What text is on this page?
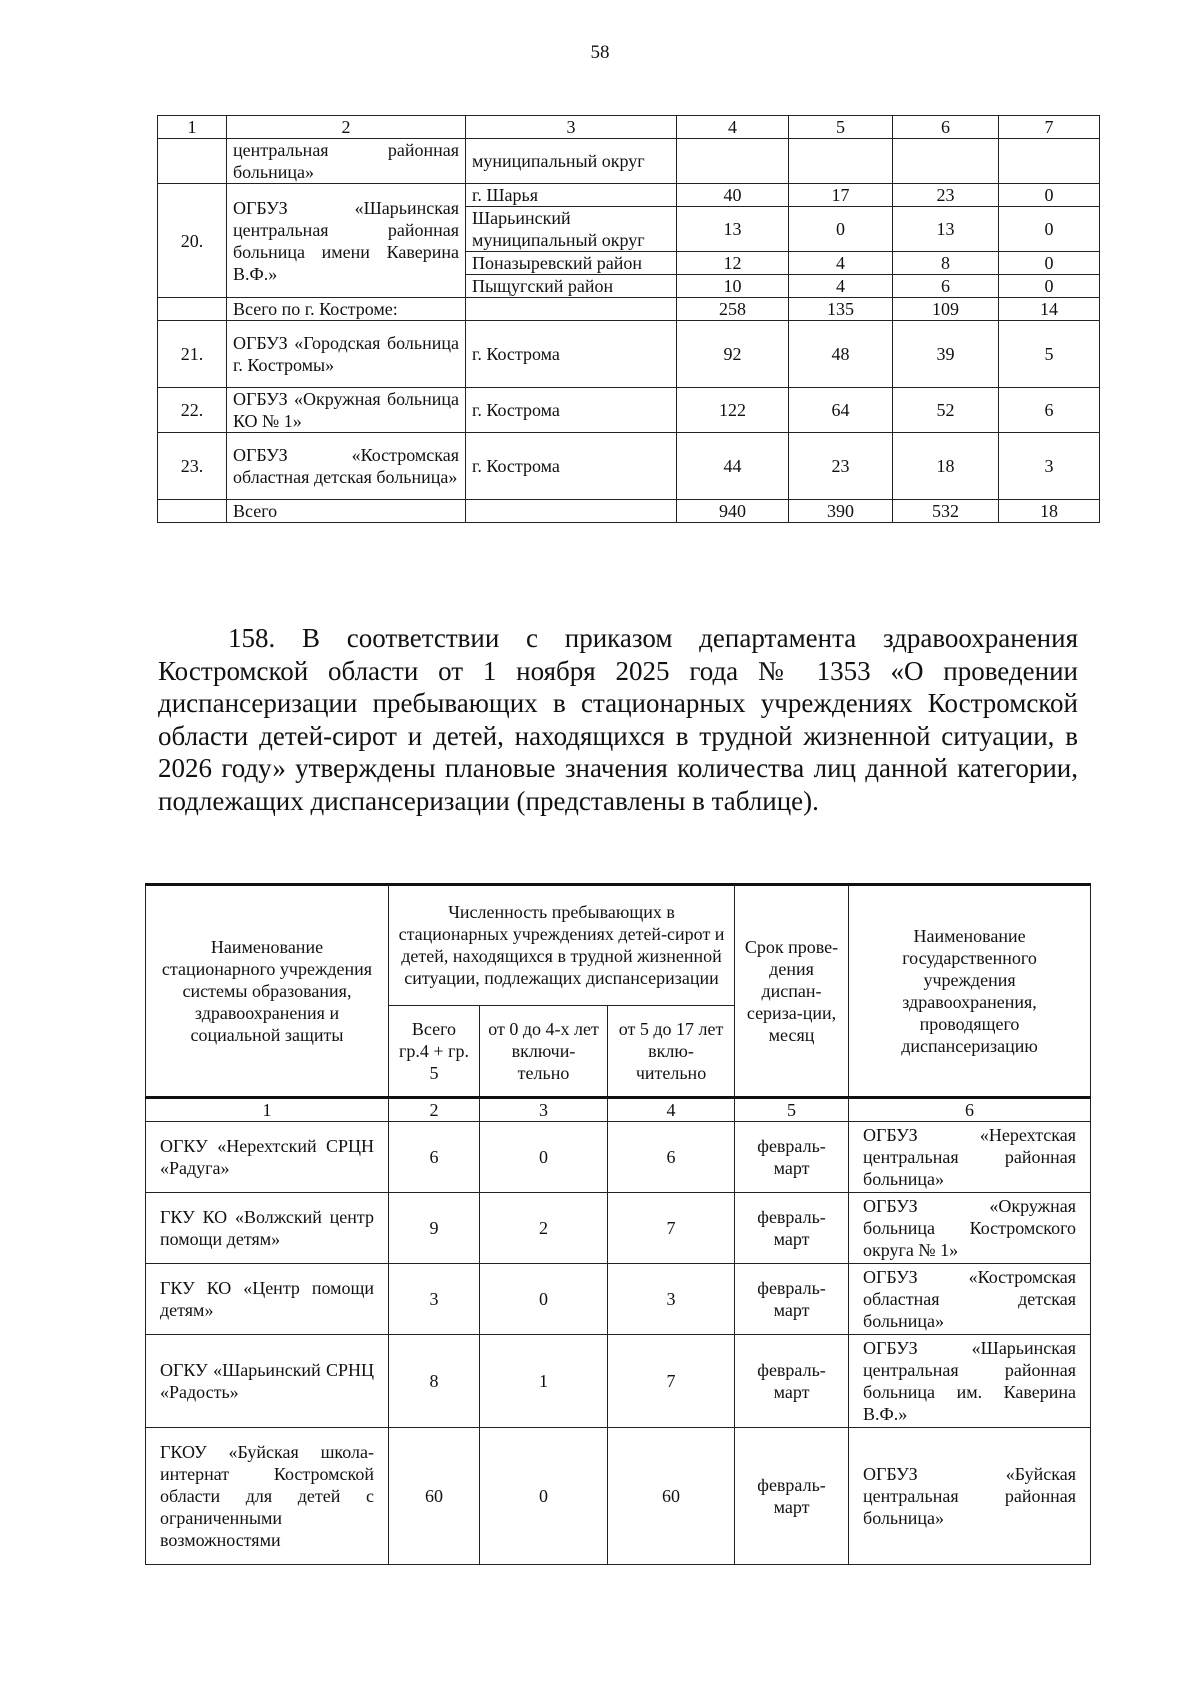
58
1	2	3	4	5	6	7
	центральная районная больница»	муниципальный округ				
20.	ОГБУЗ «Шарьинская центральная районная больница имени Каверина В.Ф.»	г. Шарья	40	17	23	0
		Шарьинский муниципальный округ	13	0	13	0
		Поназыревский район	12	4	8	0
		Пыщугский район	10	4	6	0
	Всего по г. Костроме:		258	135	109	14
21.	ОГБУЗ «Городская больница г. Костромы»	г. Кострома	92	48	39	5
22.	ОГБУЗ «Окружная больница КО № 1»	г. Кострома	122	64	52	6
23.	ОГБУЗ «Костромская областная детская больница»	г. Кострома	44	23	18	3
	Всего		940	390	532	18
158. В соответствии с приказом департамента здравоохранения Костромской области от 1 ноября 2025 года № 1353 «О проведении диспансеризации пребывающих в стационарных учреждениях Костромской области детей-сирот и детей, находящихся в трудной жизненной ситуации, в 2026 году» утверждены плановые значения количества лиц данной категории, подлежащих диспансеризации (представлены в таблице).
Наименование стационарного учреждения системы образования, здравоохранения и социальной защиты	Численность пребывающих в стационарных учреждениях детей-сирот и детей, находящихся в трудной жизненной ситуации, подлежащих диспансеризации			Срок прове-дения диспан-сериза-ции, месяц	Наименование государственного учреждения здравоохранения, проводящего диспансеризацию
	Всего гр.4 + гр. 5	от 0 до 4-х лет включи-тельно	от 5 до 17 лет вклю-чительно		
1	2	3	4	5	6
ОГКУ «Нерехтский СРЦН «Радуга»	6	0	6	февраль-март	ОГБУЗ «Нерехтская центральная районная больница»
ГКУ КО «Волжский центр помощи детям»	9	2	7	февраль-март	ОГБУЗ «Окружная больница Костромского округа № 1»
ГКУ КО «Центр помощи детям»	3	0	3	февраль-март	ОГБУЗ «Костромская областная детская больница»
ОГКУ «Шарьинский СРНЦ «Радость»	8	1	7	февраль-март	ОГБУЗ «Шарьинская центральная районная больница им. Каверина В.Ф.»
ГКОУ «Буйская школа-интернат Костромской области для детей с ограниченными возможностями	60	0	60	февраль-март	ОГБУЗ «Буйская центральная районная больница»
